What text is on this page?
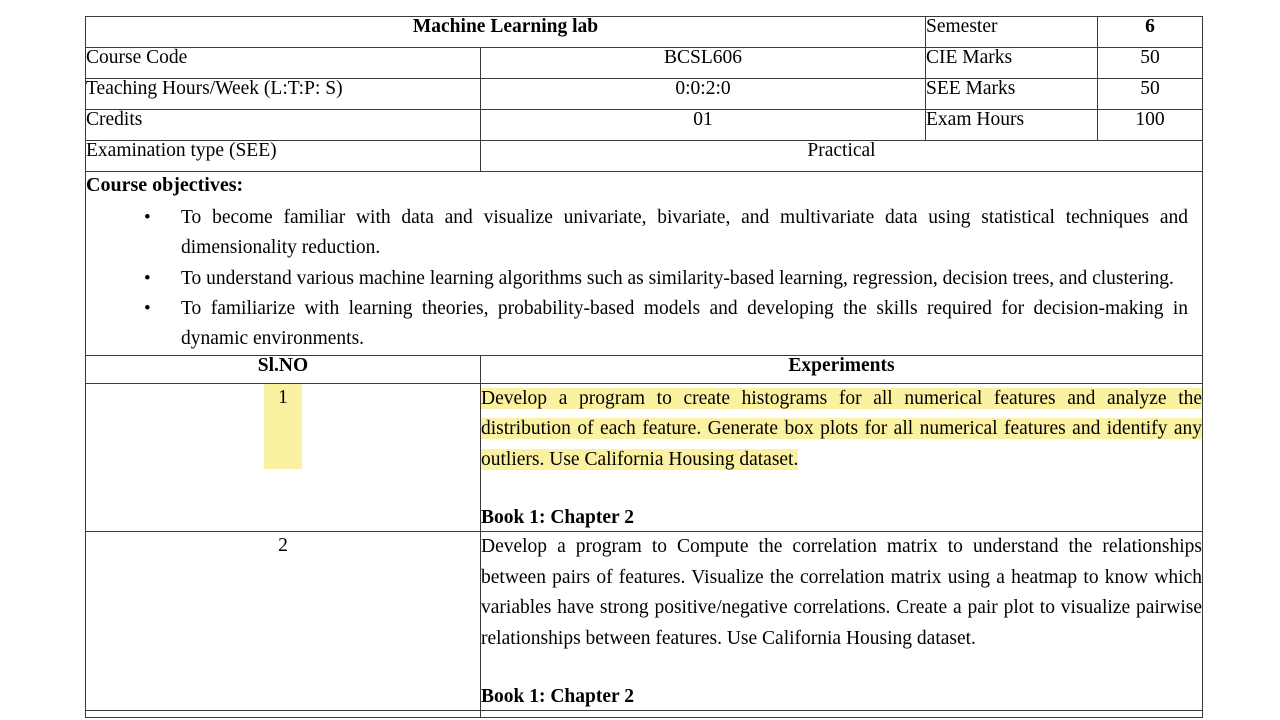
Machine Learning lab		Semester	6
Course Code	BCSL606	CIE Marks	50
Teaching Hours/Week (L:T:P: S)	0:0:2:0	SEE Marks	50
Credits	01	Exam Hours	100
Examination type (SEE)	Practical		

Course objectives:
• To become familiar with data and visualize univariate, bivariate, and multivariate data using statistical techniques and dimensionality reduction.
• To understand various machine learning algorithms such as similarity-based learning, regression, decision trees, and clustering.
• To familiarize with learning theories, probability-based models and developing the skills required for decision-making in dynamic environments.

Sl.NO	Experiments		
1	Develop a program to create histograms for all numerical features and analyze the distribution of each feature. Generate box plots for all numerical features and identify any outliers. Use California Housing dataset.

Book 1: Chapter 2		

2	Develop a program to Compute the correlation matrix to understand the relationships between pairs of features. Visualize the correlation matrix using a heatmap to know which variables have strong positive/negative correlations. Create a pair plot to visualize pairwise relationships between features. Use California Housing dataset.

Book 1: Chapter 2		
